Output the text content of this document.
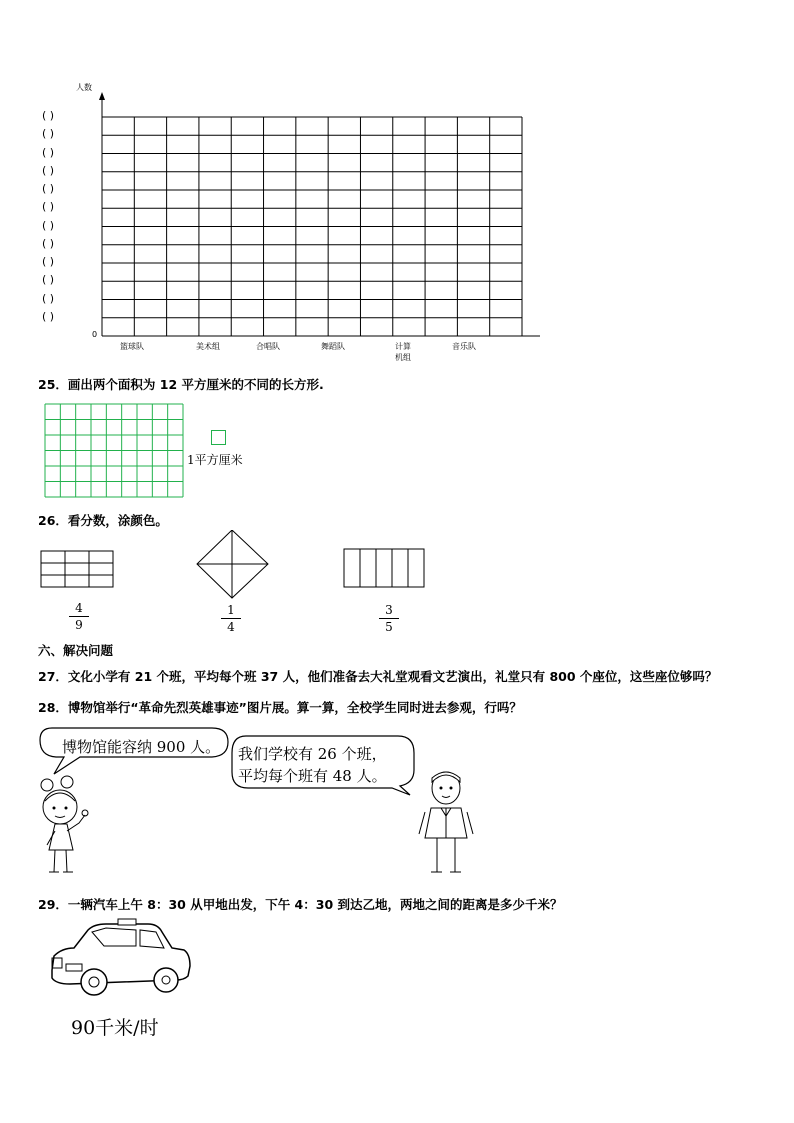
人数
0
( )
( )
( )
( )
( )
( )
( )
( )
( )
( )
( )
( )
篮球队	美术组	合唱队	舞蹈队	计算机组
音乐队
25．画出两个面积为 12 平方厘米的不同的长方形.
1平方厘米
26．看分数，涂颜色。
$\frac{4}{9}$	$\frac{1}{4}$	$\frac{3}{5}$
六、解决问题
27．文化小学有 21 个班，平均每个班 37 人，他们准备去大礼堂观看文艺演出，礼堂只有 800 个座位，这些座位够吗？
28．博物馆举行“革命先烈英雄事迹”图片展。算一算，全校学生同时进去参观，行吗？
博物馆能容纳 900 人。 我们学校有 26 个班，
平均每个班有 48 人。
29．一辆汽车上午 8：30 从甲地出发，下午 4：30 到达乙地，两地之间的距离是多少千米？
90千米/时
